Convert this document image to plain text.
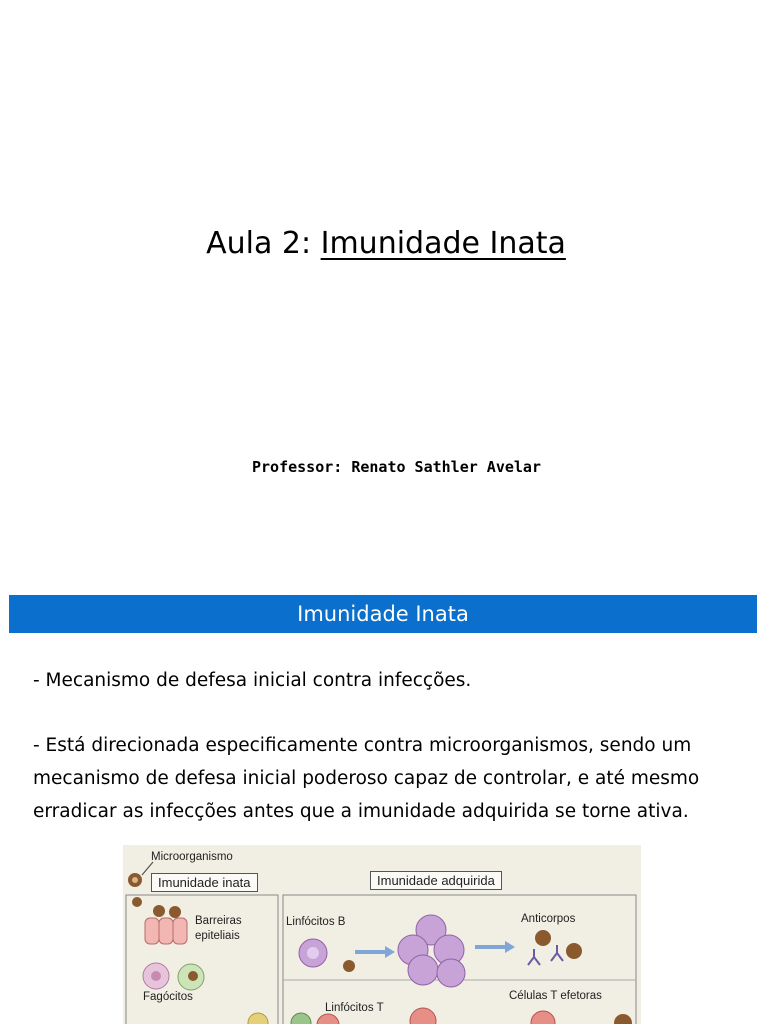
Aula 2: Imunidade Inata
Professor: Renato Sathler Avelar
Imunidade Inata
- Mecanismo de defesa inicial contra infecções.
- Está direcionada especificamente contra microorganismos, sendo um mecanismo de defesa inicial poderoso capaz de controlar, e até mesmo erradicar as infecções antes que a imunidade adquirida se torne ativa.
Microorganismo
Imunidade inata	Imunidade adquirida
Barreiras
epiteliais
Fagócitos
Linfócitos B	Anticorpos
Linfócitos T
Células T efetoras
